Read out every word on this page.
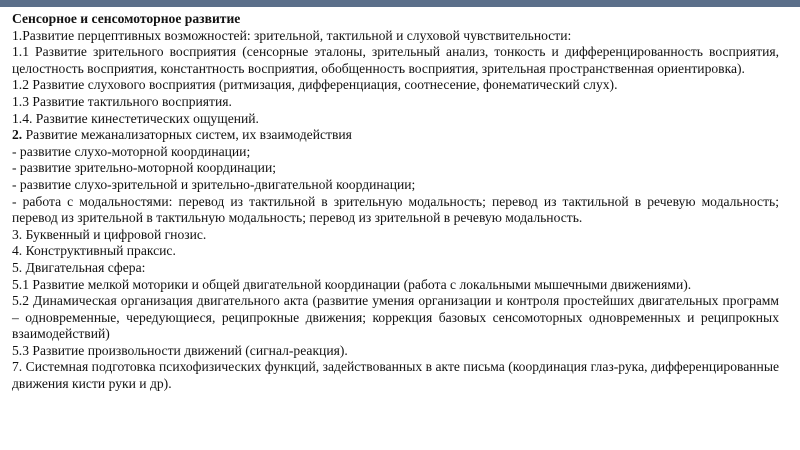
Сенсорное и сенсомоторное развитие

1.Развитие перцептивных возможностей: зрительной, тактильной и слуховой чувствительности:

1.1 Развитие зрительного восприятия (сенсорные эталоны, зрительный анализ, тонкость и дифференцированность восприятия, целостность восприятия, константность восприятия, обобщенность восприятия, зрительная пространственная ориентировка).

1.2 Развитие слухового восприятия (ритмизация, дифференциация, соотнесение, фонематический слух).

1.3 Развитие тактильного восприятия.

1.4. Развитие кинестетических ощущений.

2. Развитие межанализаторных систем, их взаимодействия

- развитие слухо-моторной координации;

- развитие зрительно-моторной координации;

- развитие слухо-зрительной и зрительно-двигательной координации;

- работа с модальностями: перевод из тактильной в зрительную модальность; перевод из тактильной в речевую модальность; перевод из зрительной в тактильную модальность; перевод из зрительной в речевую модальность.

3. Буквенный и цифровой гнозис.

4. Конструктивный праксис.

5. Двигательная сфера:

5.1 Развитие мелкой моторики и общей двигательной координации (работа с локальными мышечными движениями).

5.2 Динамическая организация двигательного акта (развитие умения организации и контроля простейших двигательных программ – одновременные, чередующиеся, реципрокные движения; коррекция базовых сенсомоторных одновременных и реципрокных взаимодействий)

5.3 Развитие произвольности движений (сигнал-реакция).

7. Системная подготовка психофизических функций, задействованных в акте письма (координация глаз-рука, дифференцированные движения кисти руки и др).
